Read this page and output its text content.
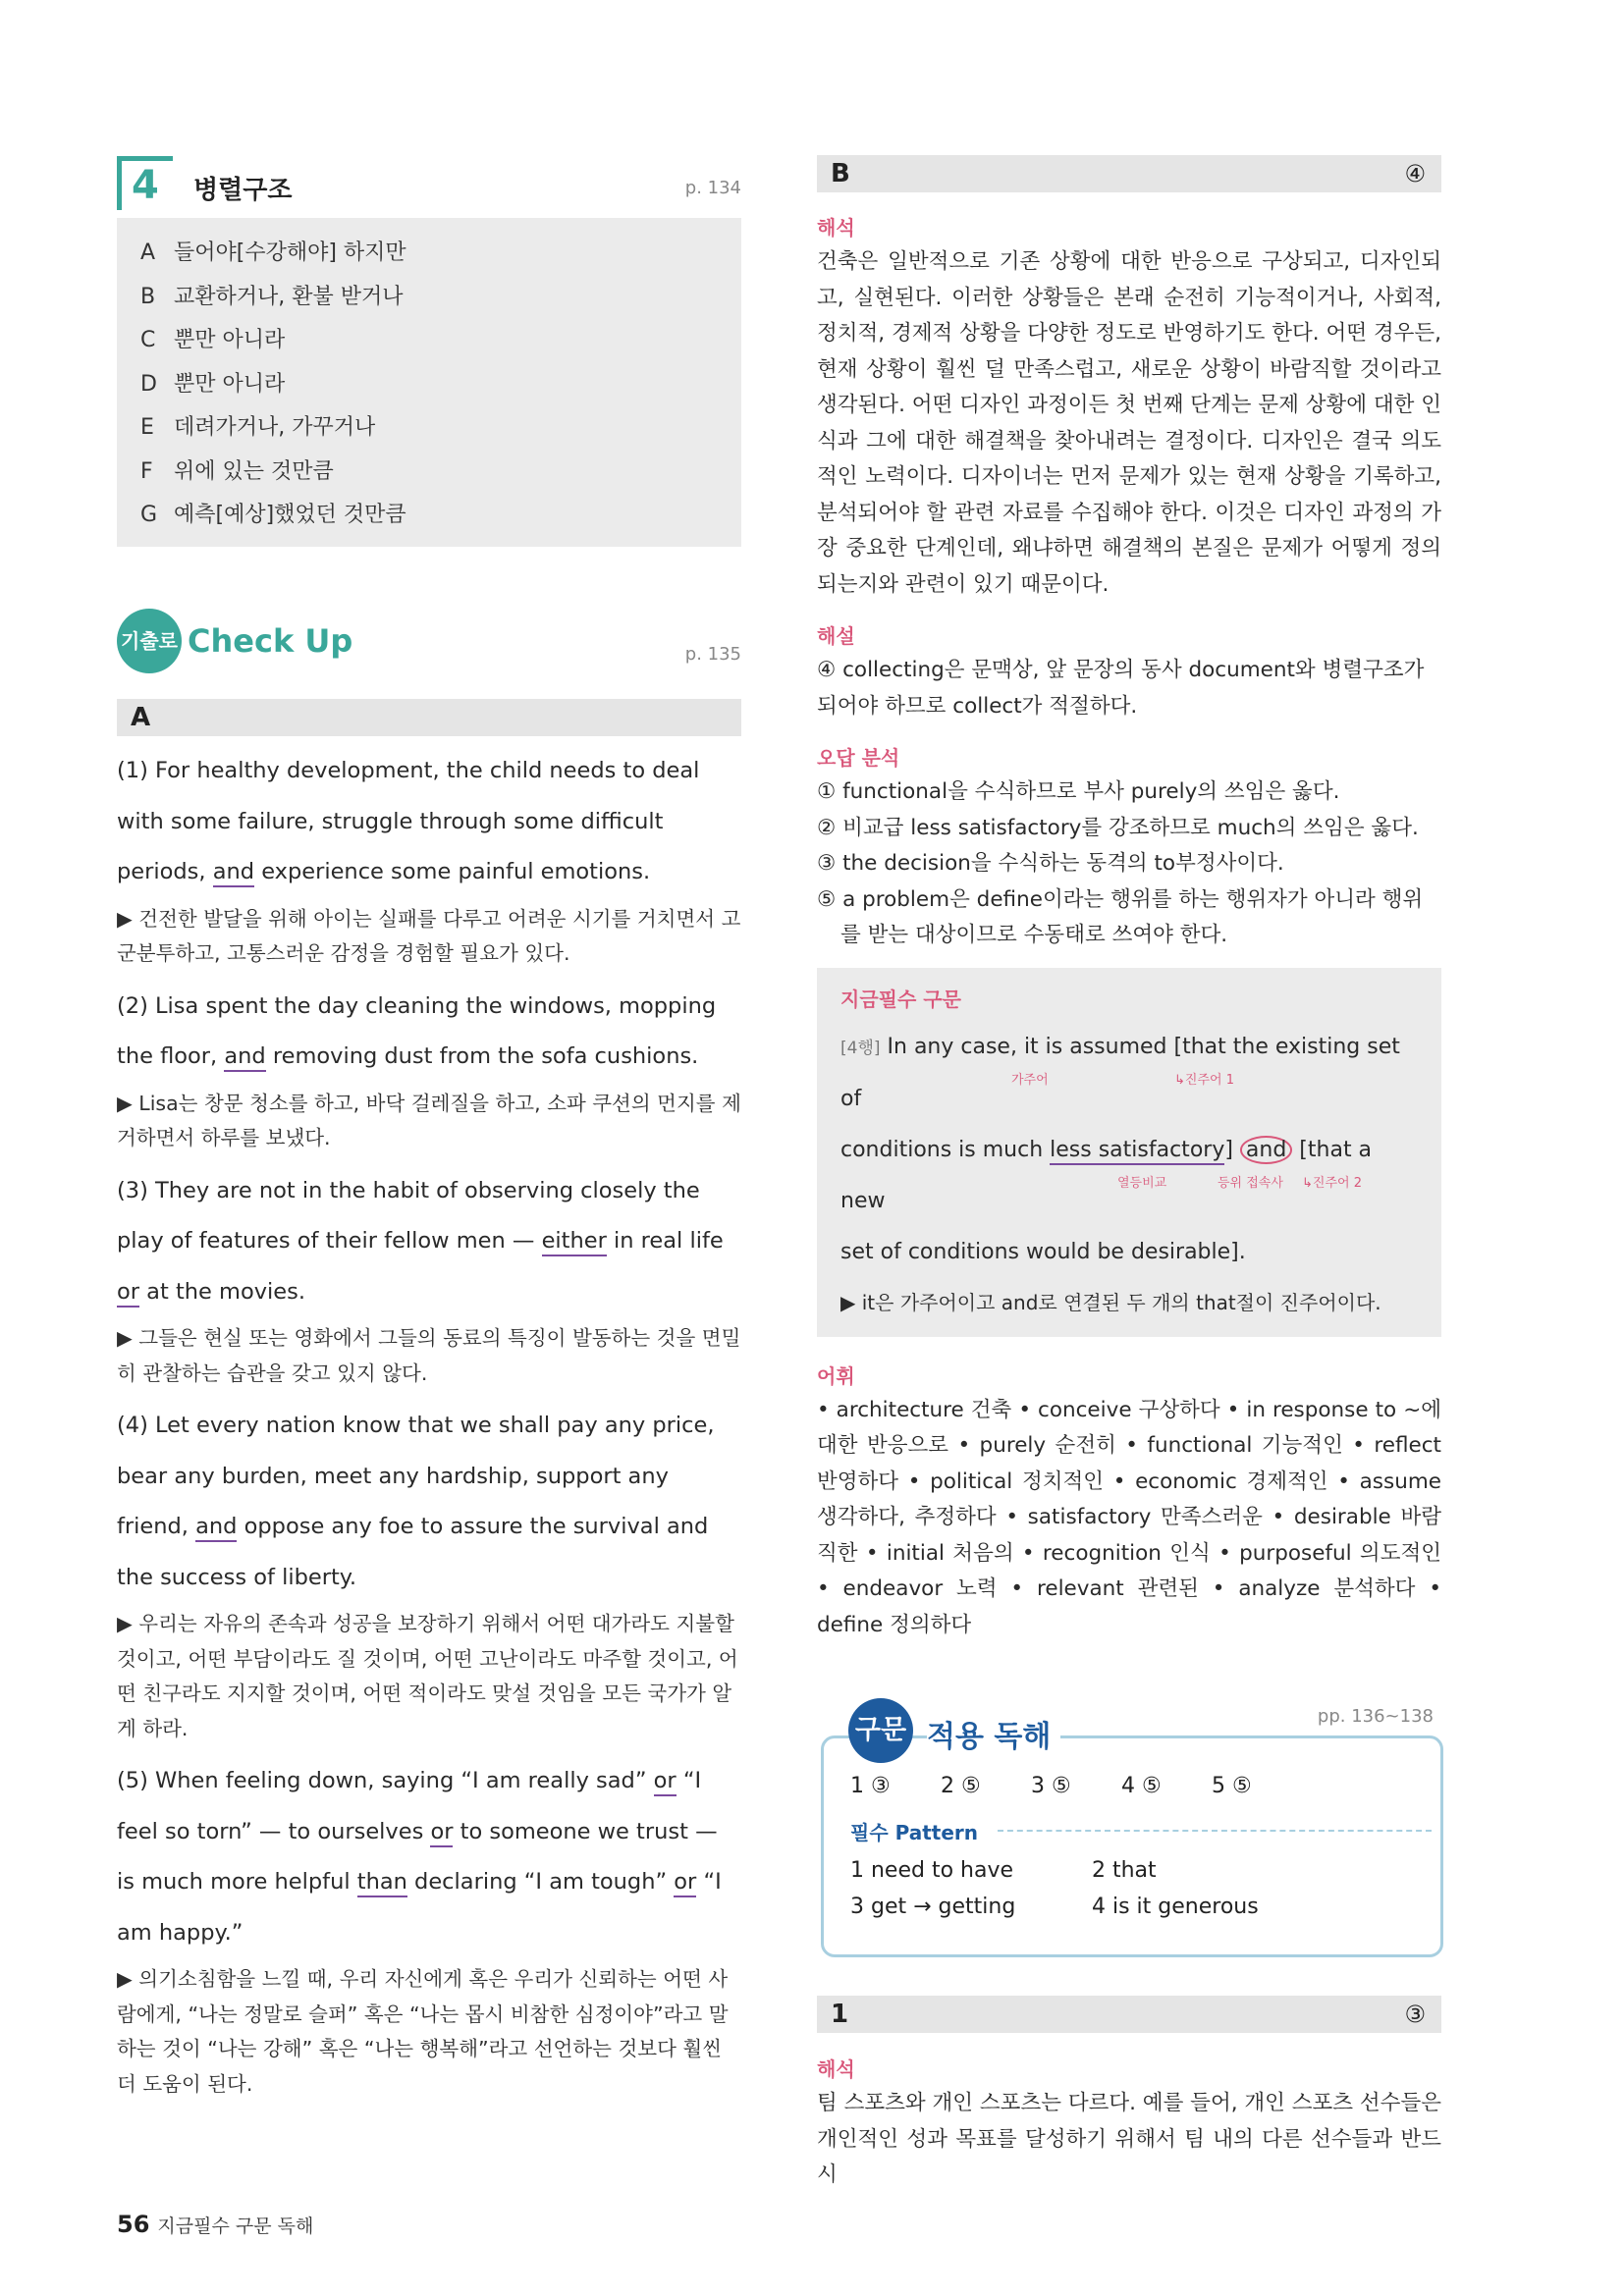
4	병렬구조	p. 134
A 들어야[수강해야] 하지만
B 교환하거나, 환불 받거나
C 뿐만 아니라
D 뿐만 아니라
E 데려가거나, 가꾸거나
F 위에 있는 것만큼
G 예측[예상]했었던 것만큼
기출로 Check Up	p. 135
A
(1) For healthy development, the child needs to deal with some failure, struggle through some difficult periods, and experience some painful emotions.
▶ 건전한 발달을 위해 아이는 실패를 다루고 어려운 시기를 거치면서 고군분투하고, 고통스러운 감정을 경험할 필요가 있다.
(2) Lisa spent the day cleaning the windows, mopping the floor, and removing dust from the sofa cushions.
▶ Lisa는 창문 청소를 하고, 바닥 걸레질을 하고, 소파 쿠션의 먼지를 제거하면서 하루를 보냈다.
(3) They are not in the habit of observing closely the play of features of their fellow men — either in real life or at the movies.
▶ 그들은 현실 또는 영화에서 그들의 동료의 특징이 발동하는 것을 면밀히 관찰하는 습관을 갖고 있지 않다.
(4) Let every nation know that we shall pay any price, bear any burden, meet any hardship, support any friend, and oppose any foe to assure the survival and the success of liberty.
▶ 우리는 자유의 존속과 성공을 보장하기 위해서 어떤 대가라도 지불할 것이고, 어떤 부담이라도 질 것이며, 어떤 고난이라도 마주할 것이고, 어떤 친구라도 지지할 것이며, 어떤 적이라도 맞설 것임을 모든 국가가 알게 하라.
(5) When feeling down, saying “I am really sad” or “I feel so torn” — to ourselves or to someone we trust — is much more helpful than declaring “I am tough” or “I am happy.”
▶ 의기소침함을 느낄 때, 우리 자신에게 혹은 우리가 신뢰하는 어떤 사람에게, “나는 정말로 슬퍼” 혹은 “나는 몹시 비참한 심정이야”라고 말하는 것이 “나는 강해” 혹은 “나는 행복해”라고 선언하는 것보다 훨씬 더 도움이 된다.
B	④
해석
건축은 일반적으로 기존 상황에 대한 반응으로 구상되고, 디자인되고, 실현된다. 이러한 상황들은 본래 순전히 기능적이거나, 사회적, 정치적, 경제적 상황을 다양한 정도로 반영하기도 한다. 어떤 경우든, 현재 상황이 훨씬 덜 만족스럽고, 새로운 상황이 바람직할 것이라고 생각된다. 어떤 디자인 과정이든 첫 번째 단계는 문제 상황에 대한 인식과 그에 대한 해결책을 찾아내려는 결정이다. 디자인은 결국 의도적인 노력이다. 디자이너는 먼저 문제가 있는 현재 상황을 기록하고, 분석되어야 할 관련 자료를 수집해야 한다. 이것은 디자인 과정의 가장 중요한 단계인데, 왜냐하면 해결책의 본질은 문제가 어떻게 정의되는지와 관련이 있기 때문이다.
해설
④ collecting은 문맥상, 앞 문장의 동사 document와 병렬구조가 되어야 하므로 collect가 적절하다.
오답 분석
① functional을 수식하므로 부사 purely의 쓰임은 옳다.
② 비교급 less satisfactory를 강조하므로 much의 쓰임은 옳다.
③ the decision을 수식하는 동격의 to부정사이다.
⑤ a problem은 define이라는 행위를 하는 행위자가 아니라 행위를 받는 대상이므로 수동태로 쓰여야 한다.
지금필수 구문
[4행] In any case, it is assumed [that the existing set of
가주어	↳진주어 1
conditions is much less satisfactory] and [that a new
열등비교	등위 접속사 ↳진주어 2
set of conditions would be desirable].
▶ it은 가주어이고 and로 연결된 두 개의 that절이 진주어이다.
어휘
• architecture 건축 • conceive 구상하다 • in response to ~에 대한 반응으로 • purely 순전히 • functional 기능적인 • reflect 반영하다 • political 정치적인 • economic 경제적인 • assume 생각하다, 추정하다 • satisfactory 만족스러운 • desirable 바람직한 • initial 처음의 • recognition 인식 • purposeful 의도적인 • endeavor 노력 • relevant 관련된 • analyze 분석하다 • define 정의하다
구문 적용 독해
pp. 136~138
1 ③ 2 ⑤ 3 ⑤ 4 ⑤ 5 ⑤
필수 Pattern
1 need to have	2 that
3 get → getting	4 is it generous
1	③
해석
팀 스포츠와 개인 스포츠는 다르다. 예를 들어, 개인 스포츠 선수들은 개인적인 성과 목표를 달성하기 위해서 팀 내의 다른 선수들과 반드시
56 지금필수 구문 독해
